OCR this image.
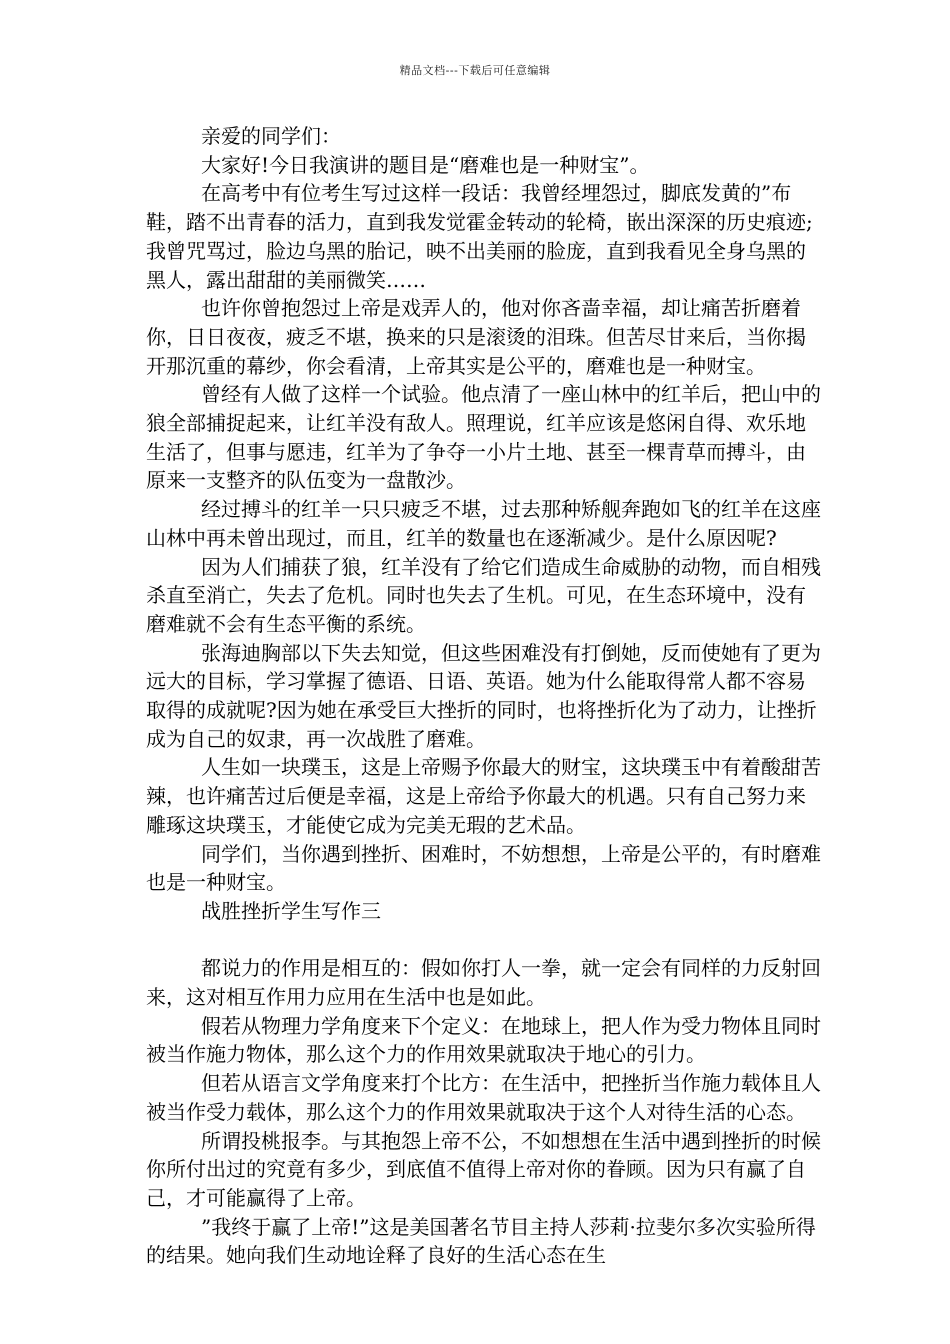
精品文档---下载后可任意编辑

亲爱的同学们：

大家好!今日我演讲的题目是“磨难也是一种财宝”。

在高考中有位考生写过这样一段话：我曾经埋怨过，脚底发黄的”布鞋，踏不出青春的活力，直到我发觉霍金转动的轮椅，嵌出深深的历史痕迹;我曾咒骂过，脸边乌黑的胎记，映不出美丽的脸庞，直到我看见全身乌黑的黑人，露出甜甜的美丽微笑……

也许你曾抱怨过上帝是戏弄人的，他对你吝啬幸福，却让痛苦折磨着你，日日夜夜，疲乏不堪，换来的只是滚烫的泪珠。但苦尽甘来后，当你揭开那沉重的幕纱，你会看清，上帝其实是公平的，磨难也是一种财宝。

曾经有人做了这样一个试验。他点清了一座山林中的红羊后，把山中的狼全部捕捉起来，让红羊没有敌人。照理说，红羊应该是悠闲自得、欢乐地生活了，但事与愿违，红羊为了争夺一小片土地、甚至一棵青草而搏斗，由原来一支整齐的队伍变为一盘散沙。

经过搏斗的红羊一只只疲乏不堪，过去那种矫舰奔跑如飞的红羊在这座山林中再未曾出现过，而且，红羊的数量也在逐渐减少。是什么原因呢?

因为人们捕获了狼，红羊没有了给它们造成生命威胁的动物，而自相残杀直至消亡，失去了危机。同时也失去了生机。可见，在生态环境中，没有磨难就不会有生态平衡的系统。

张海迪胸部以下失去知觉，但这些困难没有打倒她，反而使她有了更为远大的目标，学习掌握了德语、日语、英语。她为什么能取得常人都不容易取得的成就呢?因为她在承受巨大挫折的同时，也将挫折化为了动力，让挫折成为自己的奴隶，再一次战胜了磨难。

人生如一块璞玉，这是上帝赐予你最大的财宝，这块璞玉中有着酸甜苦辣，也许痛苦过后便是幸福，这是上帝给予你最大的机遇。只有自己努力来雕琢这块璞玉，才能使它成为完美无瑕的艺术品。

同学们，当你遇到挫折、困难时，不妨想想，上帝是公平的，有时磨难也是一种财宝。

战胜挫折学生写作三

都说力的作用是相互的：假如你打人一拳，就一定会有同样的力反射回来，这对相互作用力应用在生活中也是如此。

假若从物理力学角度来下个定义：在地球上，把人作为受力物体且同时被当作施力物体，那么这个力的作用效果就取决于地心的引力。

但若从语言文学角度来打个比方：在生活中，把挫折当作施力载体且人被当作受力载体，那么这个力的作用效果就取决于这个人对待生活的心态。

所谓投桃报李。与其抱怨上帝不公，不如想想在生活中遇到挫折的时候你所付出过的究竟有多少，到底值不值得上帝对你的眷顾。因为只有赢了自己，才可能赢得了上帝。

”我终于赢了上帝!”这是美国著名节目主持人莎莉·拉斐尔多次实验所得的结果。她向我们生动地诠释了良好的生活心态在生
